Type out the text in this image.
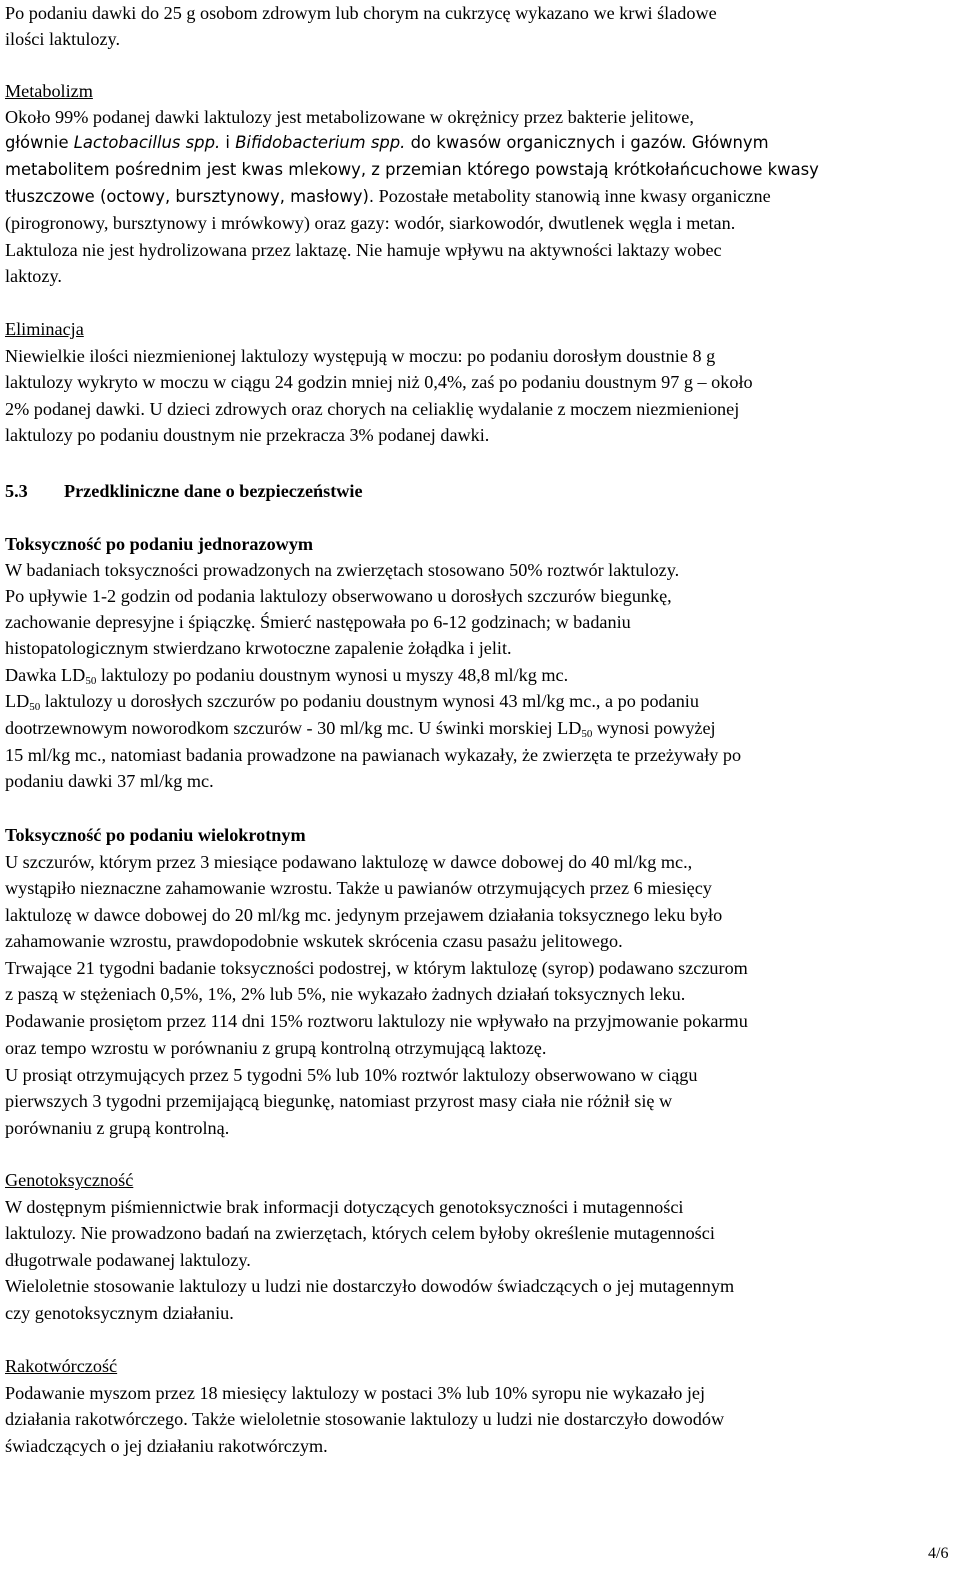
Po podaniu dawki do 25 g osobom zdrowym lub chorym na cukrzycę wykazano we krwi śladowe

ilości laktulozy.

Metabolizm

Około 99% podanej dawki laktulozy jest metabolizowane w okrężnicy przez bakterie jelitowe,

głównie Lactobacillus spp. i Bifidobacterium spp. do kwasów organicznych i gazów. Głównym

metabolitem pośrednim jest kwas mlekowy, z przemian którego powstają krótkołańcuchowe kwasy

tłuszczowe (octowy, bursztynowy, masłowy). Pozostałe metabolity stanowią inne kwasy organiczne

(pirogronowy, bursztynowy i mrówkowy) oraz gazy: wodór, siarkowodór, dwutlenek węgla i metan.

Laktuloza nie jest hydrolizowana przez laktazę. Nie hamuje wpływu na aktywności laktazy wobec

laktozy.

Eliminacja

Niewielkie ilości niezmienionej laktulozy występują w moczu: po podaniu dorosłym doustnie 8 g

laktulozy wykryto w moczu w ciągu 24 godzin mniej niż 0,4%, zaś po podaniu doustnym 97 g – około

2% podanej dawki. U dzieci zdrowych oraz chorych na celiaklię wydalanie z moczem niezmienionej

laktulozy po podaniu doustnym nie przekracza 3% podanej dawki.

5.3	Przedkliniczne dane o bezpieczeństwie

Toksyczność po podaniu jednorazowym

W badaniach toksyczności prowadzonych na zwierzętach stosowano 50% roztwór laktulozy.

Po upływie 1-2 godzin od podania laktulozy obserwowano u dorosłych szczurów biegunkę,

zachowanie depresyjne i śpiączkę. Śmierć następowała po 6-12 godzinach; w badaniu

histopatologicznym stwierdzano krwotoczne zapalenie żołądka i jelit.

Dawka $LD_{50}$ laktulozy po podaniu doustnym wynosi u myszy 48,8 ml/kg mc.

$LD_{50}$ laktulozy u dorosłych szczurów po podaniu doustnym wynosi 43 ml/kg mc., a po podaniu

dootrzewnowym noworodkom szczurów - 30 ml/kg mc. U świnki morskiej $LD_{50}$ wynosi powyżej

15 ml/kg mc., natomiast badania prowadzone na pawianach wykazały, że zwierzęta te przeżywały po

podaniu dawki 37 ml/kg mc.

Toksyczność po podaniu wielokrotnym

U szczurów, którym przez 3 miesiące podawano laktulozę w dawce dobowej do 40 ml/kg mc.,

wystąpiło nieznaczne zahamowanie wzrostu. Także u pawianów otrzymujących przez 6 miesięcy

laktulozę w dawce dobowej do 20 ml/kg mc. jedynym przejawem działania toksycznego leku było

zahamowanie wzrostu, prawdopodobnie wskutek skrócenia czasu pasażu jelitowego.

Trwające 21 tygodni badanie toksyczności podostrej, w którym laktulozę (syrop) podawano szczurom

z paszą w stężeniach 0,5%, 1%, 2% lub 5%, nie wykazało żadnych działań toksycznych leku.

Podawanie prosiętom przez 114 dni 15% roztworu laktulozy nie wpływało na przyjmowanie pokarmu

oraz tempo wzrostu w porównaniu z grupą kontrolną otrzymującą laktozę.

U prosiąt otrzymujących przez 5 tygodni 5% lub 10% roztwór laktulozy obserwowano w ciągu

pierwszych 3 tygodni przemijającą biegunkę, natomiast przyrost masy ciała nie różnił się w

porównaniu z grupą kontrolną.

Genotoksyczność

W dostępnym piśmiennictwie brak informacji dotyczących genotoksyczności i mutagenności

laktulozy. Nie prowadzono badań na zwierzętach, których celem byłoby określenie mutagenności

długotrwale podawanej laktulozy.

Wieloletnie stosowanie laktulozy u ludzi nie dostarczyło dowodów świadczących o jej mutagennym

czy genotoksycznym działaniu.

Rakotwórczość

Podawanie myszom przez 18 miesięcy laktulozy w postaci 3% lub 10% syropu nie wykazało jej

działania rakotwórczego. Także wieloletnie stosowanie laktulozy u ludzi nie dostarczyło dowodów

świadczących o jej działaniu rakotwórczym.

4/6
